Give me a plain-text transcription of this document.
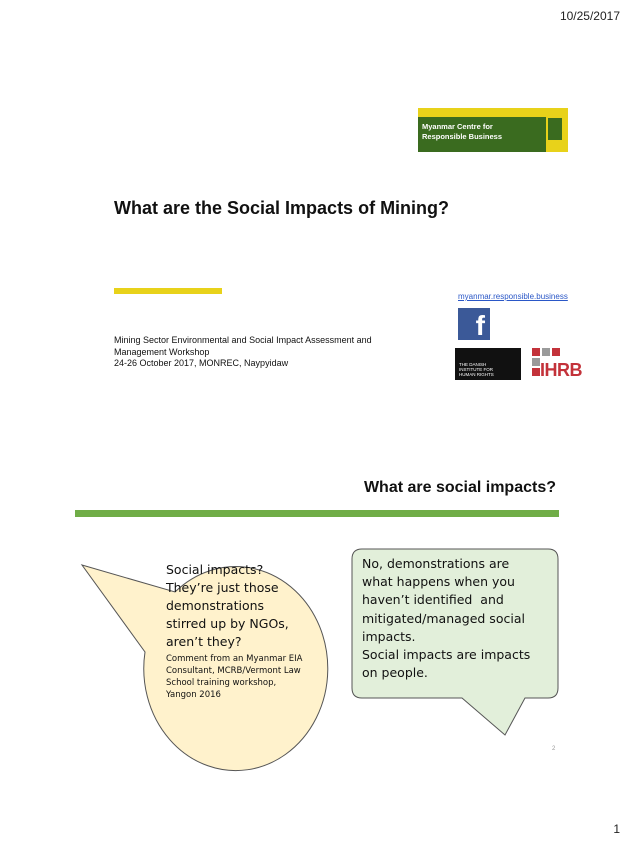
10/25/2017
Myanmar Centre for
Responsible Business
What are the Social Impacts of Mining?
myanmar.responsible.business
f
Mining Sector Environmental and Social Impact Assessment and
Management Workshop
24-26 October 2017, MONREC, Naypyidaw	THE DANISH
INSTITUTE FOR
HUMAN RIGHTS	IHRB
What are social impacts?
Social impacts?
They’re just those
demonstrations
stirred up by NGOs,
aren’t they?
Comment from an Myanmar EIA
Consultant, MCRB/Vermont Law
School training workshop,
Yangon 2016
No, demonstrations are
what happens when you
haven’t identified  and
mitigated/managed social
impacts.
Social impacts are impacts
on people.
2
1
